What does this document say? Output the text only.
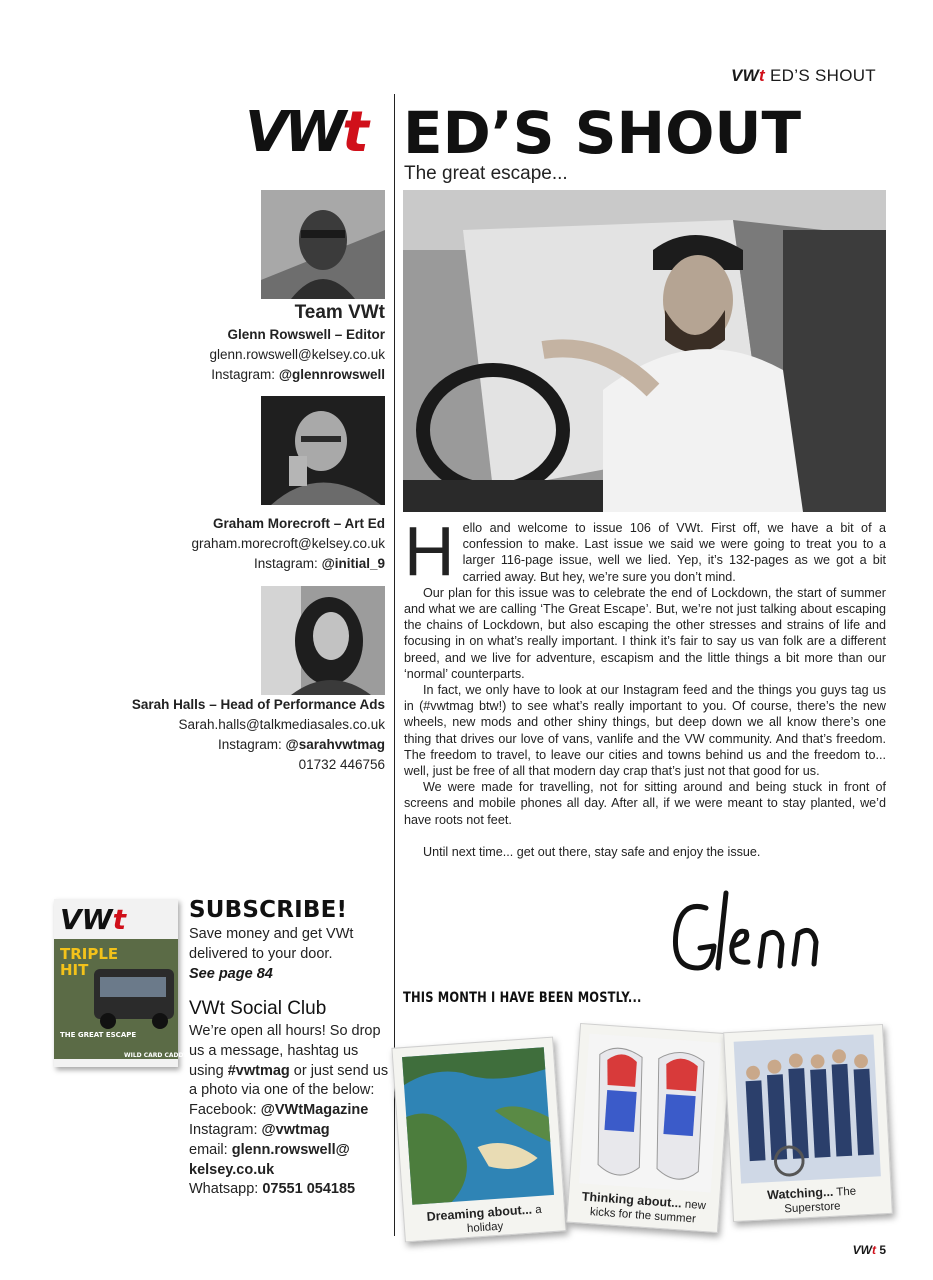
VWt ED’S SHOUT
VWt ED’S SHOUT
The great escape...
Team VWt
Glenn Rowswell – Editor
glenn.rowswell@kelsey.co.uk
Instagram: @glennrowswell
Graham Morecroft – Art Ed
graham.morecroft@kelsey.co.uk
Instagram: @initial_9
Sarah Halls – Head of Performance Ads
Sarah.halls@talkmediasales.co.uk
Instagram: @sarahvwtmag
01732 446756

Hello and welcome to issue 106 of VWt. First off, we have a bit of a confession to make. Last issue we said we were going to treat you to a larger 116-page issue, well we lied. Yep, it’s 132-pages as we got a bit carried away. But hey, we’re sure you don’t mind.

Our plan for this issue was to celebrate the end of Lockdown, the start of summer and what we are calling ‘The Great Escape’. But, we’re not just talking about escaping the chains of Lockdown, but also escaping the other stresses and strains of life and focusing in on what’s really important. I think it’s fair to say us van folk are a different breed, and we live for adventure, escapism and the little things a bit more than our ‘normal’ counterparts.

In fact, we only have to look at our Instagram feed and the things you guys tag us in (#vwtmag btw!) to see what’s really important to you. Of course, there’s the new wheels, new mods and other shiny things, but deep down we all know there’s one thing that drives our love of vans, vanlife and the VW community. And that’s freedom. The freedom to travel, to leave our cities and towns behind us and the freedom to... well, just be free of all that modern day crap that’s just not that good for us.

We were made for travelling, not for sitting around and being stuck in front of screens and mobile phones all day. After all, if we were meant to stay planted, we’d have roots not feet.

Until next time... get out there, stay safe and enjoy the issue.

THIS MONTH I HAVE BEEN MOSTLY...
Dreaming about... a holiday
Thinking about... new kicks for the summer
Watching... The Superstore
VWt
TRIPLE
HIT
THE GREAT ESCAPE
WILD CARD CADDY
SUBSCRIBE!
Save money and get VWt delivered to your door.
See page 84
VWt Social Club
We’re open all hours! So drop us a message, hashtag us using #vwtmag or just send us a photo via one of the below:
Facebook: @VWtMagazine
Instagram: @vwtmag
email: glenn.rowswell@ kelsey.co.uk
Whatsapp: 07551 054185
VWt 5
